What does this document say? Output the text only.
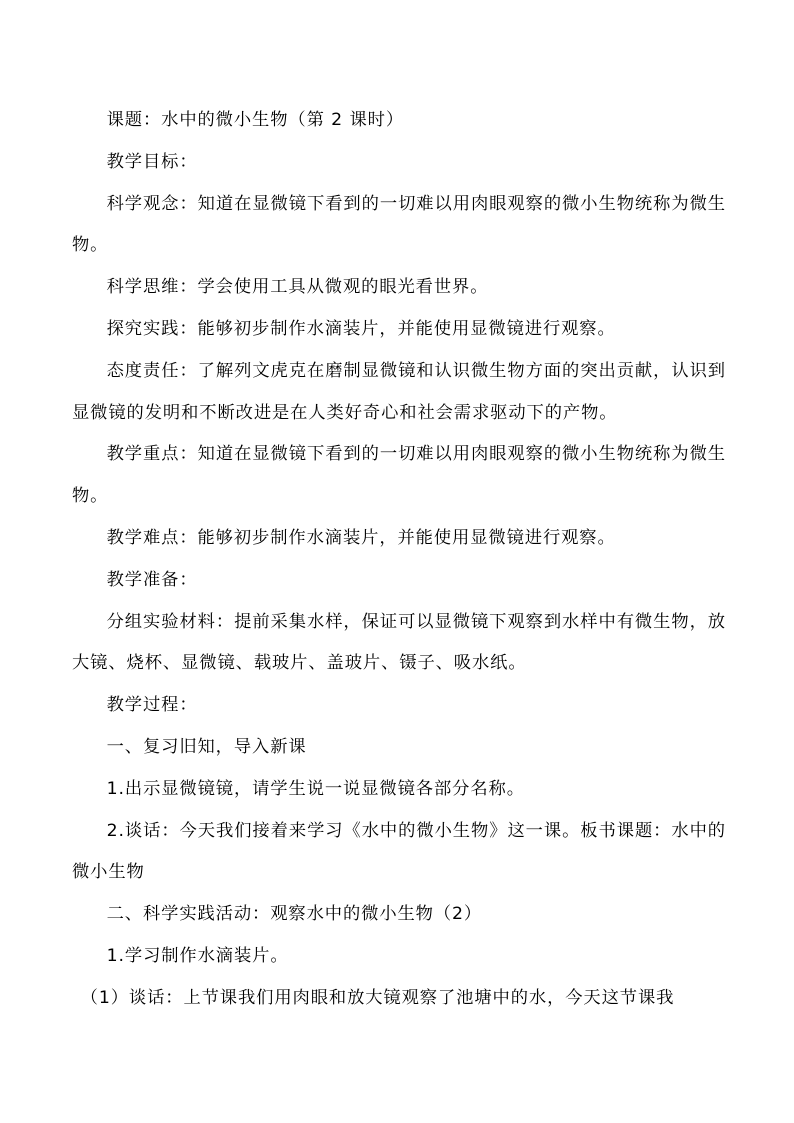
课题：水中的微小生物（第 2 课时）

教学目标：

科学观念：知道在显微镜下看到的一切难以用肉眼观察的微小生物统称为微生物。

科学思维：学会使用工具从微观的眼光看世界。

探究实践：能够初步制作水滴装片，并能使用显微镜进行观察。

态度责任：了解列文虎克在磨制显微镜和认识微生物方面的突出贡献，认识到显微镜的发明和不断改进是在人类好奇心和社会需求驱动下的产物。

教学重点：知道在显微镜下看到的一切难以用肉眼观察的微小生物统称为微生物。

教学难点：能够初步制作水滴装片，并能使用显微镜进行观察。

教学准备：

分组实验材料：提前采集水样，保证可以显微镜下观察到水样中有微生物，放大镜、烧杯、显微镜、载玻片、盖玻片、镊子、吸水纸。

教学过程：

一、复习旧知，导入新课

1.出示显微镜镜，请学生说一说显微镜各部分名称。

2.谈话：今天我们接着来学习《水中的微小生物》这一课。板书课题：水中的微小生物

二、科学实践活动：观察水中的微小生物（2）

1.学习制作水滴装片。

（1）谈话：上节课我们用肉眼和放大镜观察了池塘中的水，今天这节课我
